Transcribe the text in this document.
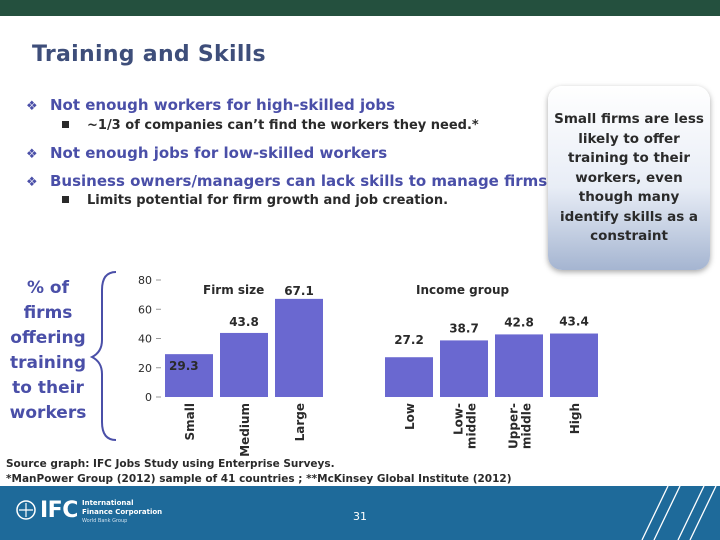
Training and Skills
❖ Not enough workers for high-skilled jobs
~1/3 of companies can’t find the workers they need.*
❖ Not enough jobs for low-skilled workers
❖ Business owners/managers can lack skills to manage firms
Limits potential for firm growth and job creation.
Small firms are less
likely to offer
training to their
workers, even
though many
identify skills as a
constraint
% of
firms
offering
training
to their
workers
0
20
40
60
80
Firm size
29.3
Small
43.8
Medium
67.1
Large
Income group
27.2
Low
38.7
Low- middle
42.8
Upper- middle
43.4
High
Source graph: IFC Jobs Study using Enterprise Surveys.
*ManPower Group (2012) sample of 41 countries ; **McKinsey Global Institute (2012)
IFC International
Finance Corporation
World Bank Group	31
